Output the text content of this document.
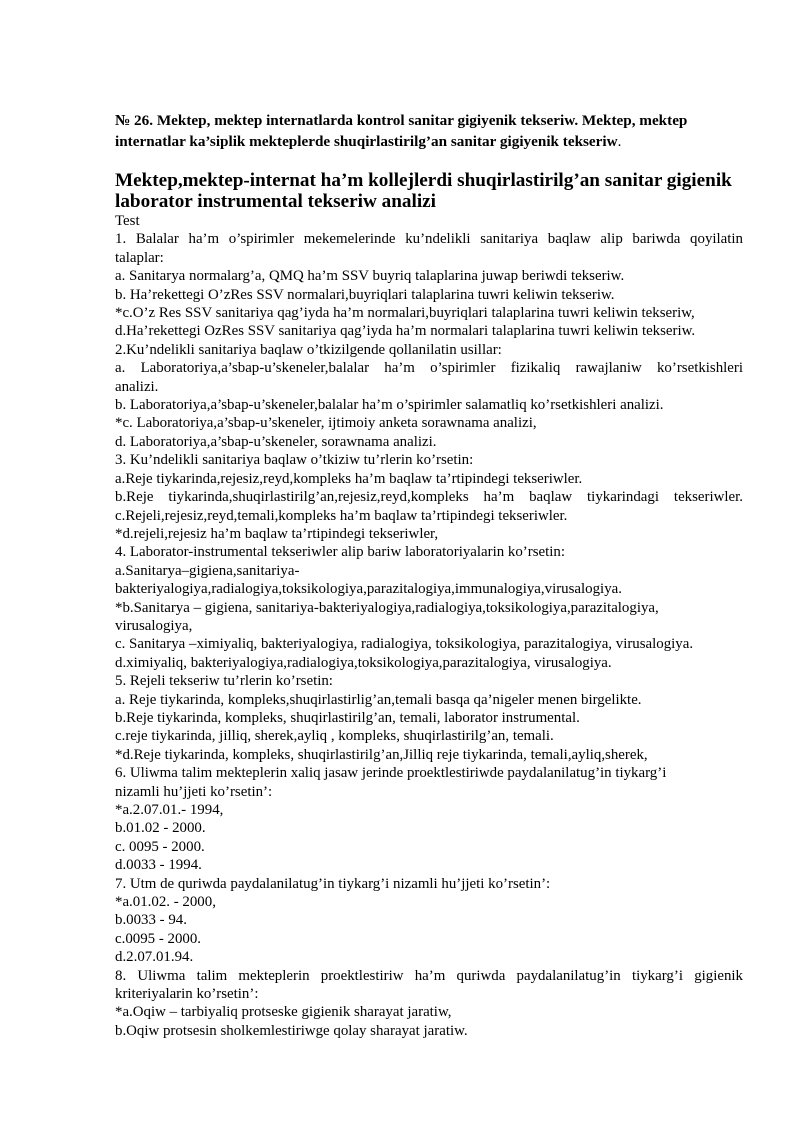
№ 26. Mektep, mektep internatlarda kontrol sanitar gigiyenik tekseriw. Mektep, mektep internatlar ka’siplik mekteplerde shuqirlastirilg’an sanitar gigiyenik tekseriw.

Mektep,mektep-internat ha’m kollejlerdi shuqirlastirilg’an sanitar gigienik laborator instrumental tekseriw analizi

Test
1. Balalar ha’m o’spirimler mekemelerinde ku’ndelikli sanitariya baqlaw alip bariwda qoyilatin
talaplar:
a. Sanitarya normalarg’a, QMQ ha’m SSV buyriq talaplarina juwap beriwdi tekseriw.
b. Ha’rekettegi O’zRes SSV normalari,buyriqlari talaplarina tuwri keliwin tekseriw.
*c.O’z Res SSV sanitariya qag’iyda ha’m normalari,buyriqlari talaplarina tuwri keliwin tekseriw,
d.Ha’rekettegi OzRes SSV sanitariya qag’iyda ha’m normalari talaplarina tuwri keliwin tekseriw.
2.Ku’ndelikli sanitariya baqlaw o’tkizilgende qollanilatin usillar:
a. Laboratoriya,a’sbap-u’skeneler,balalar ha’m o’spirimler fizikaliq rawajlaniw ko’rsetkishleri
analizi.
b. Laboratoriya,a’sbap-u’skeneler,balalar ha’m o’spirimler salamatliq ko’rsetkishleri analizi.
*c. Laboratoriya,a’sbap-u’skeneler, ijtimoiy anketa sorawnama analizi,
d. Laboratoriya,a’sbap-u’skeneler, sorawnama analizi.
3. Ku’ndelikli sanitariya baqlaw o’tkiziw tu’rlerin ko’rsetin:
a.Reje tiykarinda,rejesiz,reyd,kompleks ha’m baqlaw ta’rtipindegi tekseriwler.
b.Reje tiykarinda,shuqirlastirilg’an,rejesiz,reyd,kompleks ha’m baqlaw tiykarindagi tekseriwler.
c.Rejeli,rejesiz,reyd,temali,kompleks ha’m baqlaw ta’rtipindegi tekseriwler.
*d.rejeli,rejesiz ha’m baqlaw ta’rtipindegi tekseriwler,
4. Laborator-instrumental tekseriwler alip bariw laboratoriyalarin ko’rsetin:
a.Sanitarya–gigiena,sanitariya-
bakteriyalogiya,radialogiya,toksikologiya,parazitalogiya,immunalogiya,virusalogiya.
*b.Sanitarya – gigiena, sanitariya-bakteriyalogiya,radialogiya,toksikologiya,parazitalogiya,
virusalogiya,
c. Sanitarya –ximiyaliq, bakteriyalogiya, radialogiya, toksikologiya, parazitalogiya, virusalogiya.
d.ximiyaliq, bakteriyalogiya,radialogiya,toksikologiya,parazitalogiya, virusalogiya.
5. Rejeli tekseriw tu’rlerin ko’rsetin:
a. Reje tiykarinda, kompleks,shuqirlastirlig’an,temali basqa qa’nigeler menen birgelikte.
b.Reje tiykarinda, kompleks, shuqirlastirilg’an, temali, laborator instrumental.
c.reje tiykarinda, jilliq, sherek,ayliq , kompleks, shuqirlastirilg’an, temali.
*d.Reje tiykarinda, kompleks, shuqirlastirilg’an,Jilliq reje tiykarinda, temali,ayliq,sherek,
6. Uliwma talim mekteplerin xaliq jasaw jerinde proektlestiriwde paydalanilatug’in tiykarg’i
nizamli hu’jjeti ko’rsetin’:
*a.2.07.01.- 1994,
b.01.02 - 2000.
c. 0095 - 2000.
d.0033 - 1994.
7. Utm de quriwda paydalanilatug’in tiykarg’i nizamli hu’jjeti ko’rsetin’:
*a.01.02. - 2000,
b.0033 - 94.
c.0095 - 2000.
d.2.07.01.94.
8. Uliwma talim mekteplerin proektlestiriw ha’m quriwda paydalanilatug’in tiykarg’i gigienik
kriteriyalarin ko’rsetin’:
*a.Oqiw – tarbiyaliq protseske gigienik sharayat jaratiw,
b.Oqiw protsesin sholkemlestiriwge qolay sharayat jaratiw.
